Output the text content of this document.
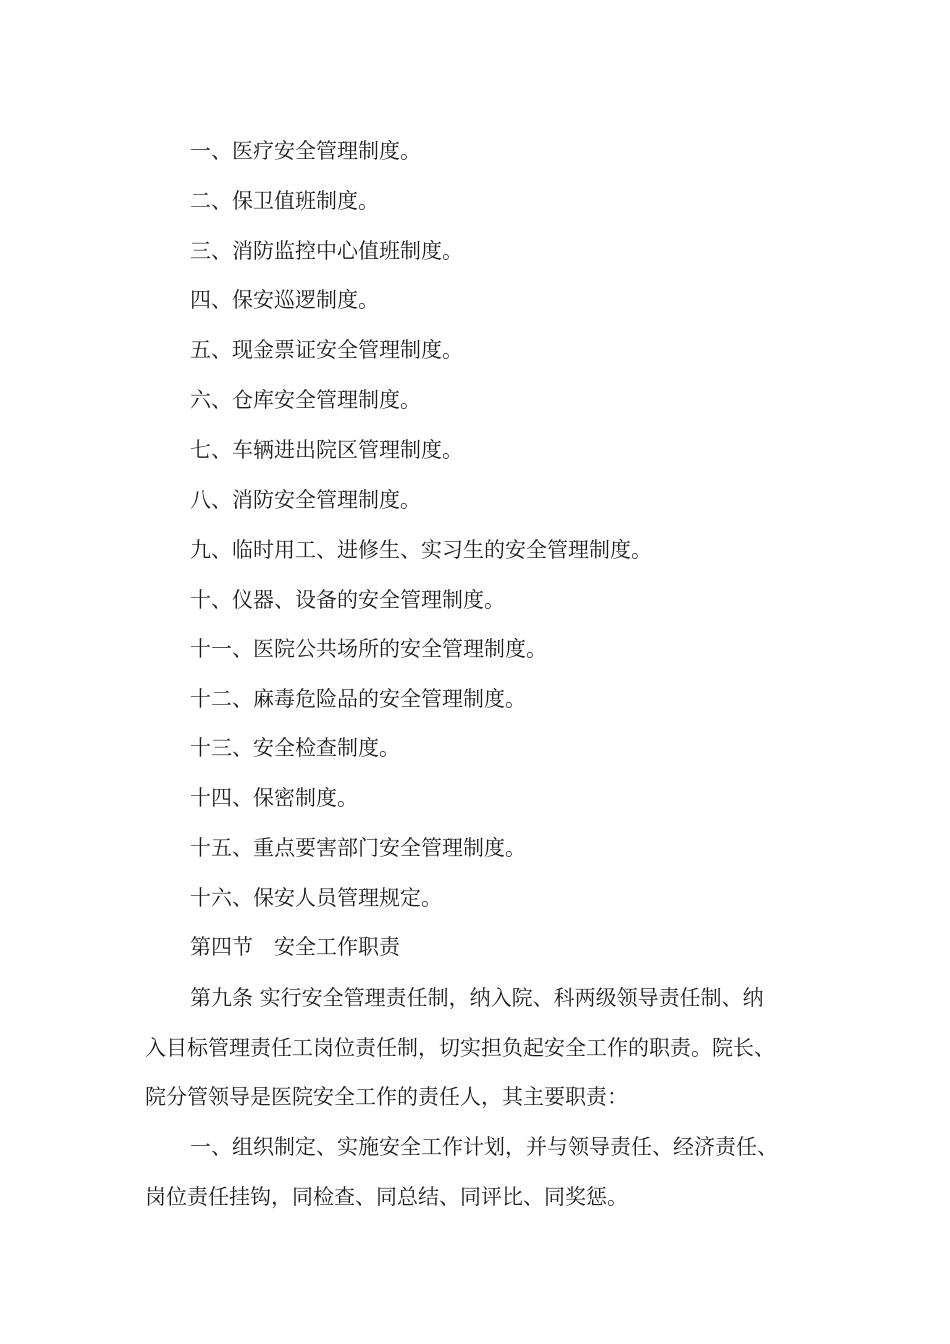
一、医疗安全管理制度。
二、保卫值班制度。
三、消防监控中心值班制度。
四、保安巡逻制度。
五、现金票证安全管理制度。
六、仓库安全管理制度。
七、车辆进出院区管理制度。
八、消防安全管理制度。
九、临时用工、进修生、实习生的安全管理制度。
十、仪器、设备的安全管理制度。
十一、医院公共场所的安全管理制度。
十二、麻毒危险品的安全管理制度。
十三、安全检查制度。
十四、保密制度。
十五、重点要害部门安全管理制度。
十六、保安人员管理规定。
第四节　安全工作职责
第九条 实行安全管理责任制，纳入院、科两级领导责任制、纳
入目标管理责任工岗位责任制，切实担负起安全工作的职责。院长、
院分管领导是医院安全工作的责任人，其主要职责：
一、组织制定、实施安全工作计划，并与领导责任、经济责任、
岗位责任挂钩，同检查、同总结、同评比、同奖惩。
